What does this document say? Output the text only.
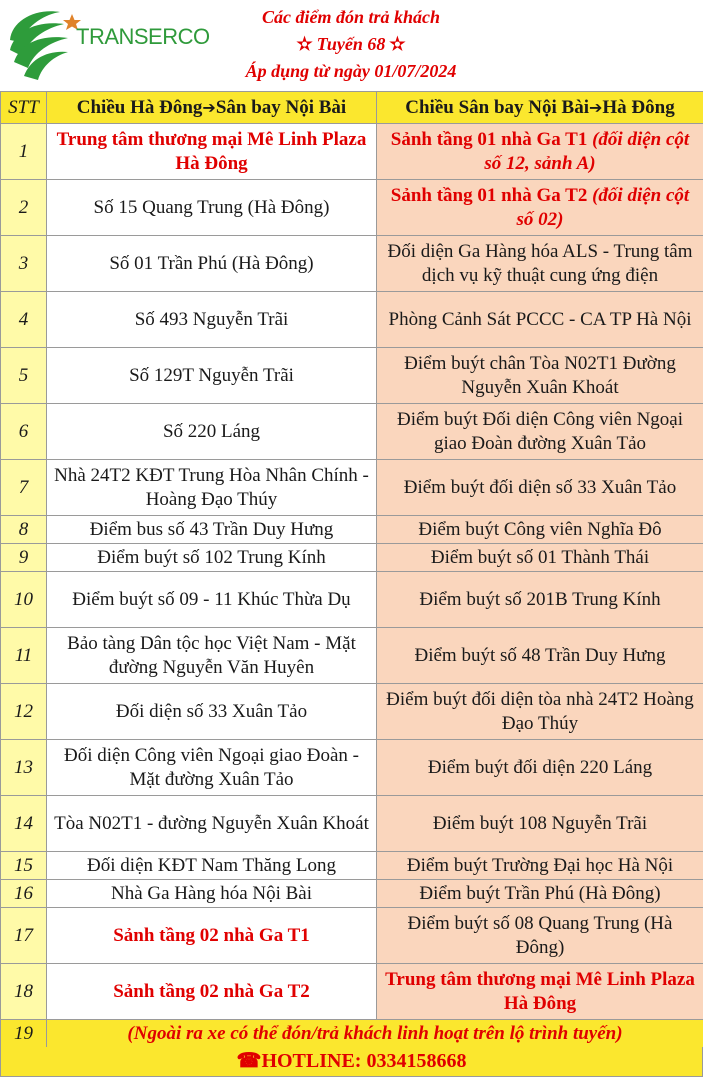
TRANSERCO
Các điểm đón trả khách
✫ Tuyến 68 ✫
Áp dụng từ ngày 01/07/2024
STT	Chiều Hà Đông➔Sân bay Nội Bài	Chiều Sân bay Nội Bài➔Hà Đông
1	Trung tâm thương mại Mê Linh Plaza Hà Đông	Sảnh tầng 01 nhà Ga T1 (đối diện cột số 12, sảnh A)
2	Số 15 Quang Trung (Hà Đông)	Sảnh tầng 01 nhà Ga T2 (đối diện cột số 02)
3	Số 01 Trần Phú (Hà Đông)	Đối diện Ga Hàng hóa ALS - Trung tâm dịch vụ kỹ thuật cung ứng điện
4	Số 493 Nguyễn Trãi	Phòng Cảnh Sát PCCC - CA TP Hà Nội
5	Số 129T Nguyễn Trãi	Điểm buýt chân Tòa N02T1 Đường Nguyễn Xuân Khoát
6	Số 220 Láng	Điểm buýt Đối diện Công viên Ngoại giao Đoàn đường Xuân Tảo
7	Nhà 24T2 KĐT Trung Hòa Nhân Chính - Hoàng Đạo Thúy	Điểm buýt đối diện số 33 Xuân Tảo
8	Điểm bus số 43 Trần Duy Hưng	Điểm buýt Công viên Nghĩa Đô
9	Điểm buýt số 102 Trung Kính	Điểm buýt số 01 Thành Thái
10	Điểm buýt số 09 - 11 Khúc Thừa Dụ	Điểm buýt số 201B Trung Kính
11	Bảo tàng Dân tộc học Việt Nam - Mặt đường Nguyễn Văn Huyên	Điểm buýt số 48 Trần Duy Hưng
12	Đối diện số 33 Xuân Tảo	Điểm buýt đối diện tòa nhà 24T2 Hoàng Đạo Thúy
13	Đối diện Công viên Ngoại giao Đoàn - Mặt đường Xuân Tảo	Điểm buýt đối diện 220 Láng
14	Tòa N02T1 - đường Nguyễn Xuân Khoát	Điểm buýt 108 Nguyễn Trãi
15	Đối diện KĐT Nam Thăng Long	Điểm buýt Trường Đại học Hà Nội
16	Nhà Ga Hàng hóa Nội Bài	Điểm buýt Trần Phú (Hà Đông)
17	Sảnh tầng 02 nhà Ga T1	Điểm buýt số 08 Quang Trung (Hà Đông)
18	Sảnh tầng 02 nhà Ga T2	Trung tâm thương mại Mê Linh Plaza Hà Đông
19	(Ngoài ra xe có thể đón/trả khách linh hoạt trên lộ trình tuyến)	
☎HOTLINE: 0334158668
